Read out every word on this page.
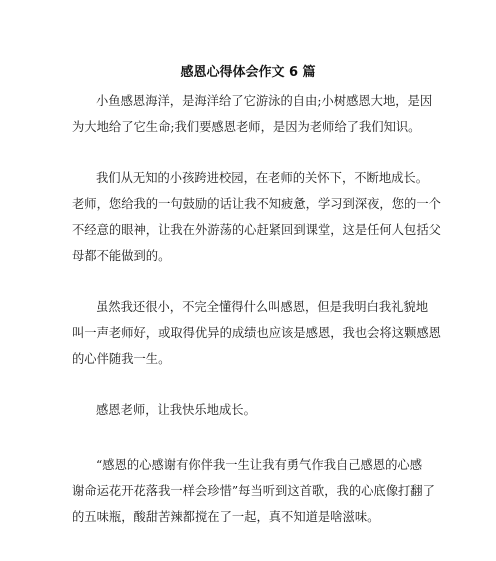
感恩心得体会作文 6 篇

小鱼感恩海洋，是海洋给了它游泳的自由;小树感恩大地，是因
为大地给了它生命;我们要感恩老师，是因为老师给了我们知识。

我们从无知的小孩跨进校园，在老师的关怀下，不断地成长。
老师，您给我的一句鼓励的话让我不知疲惫，学习到深夜，您的一个
不经意的眼神，让我在外游荡的心赶紧回到课堂，这是任何人包括父
母都不能做到的。

虽然我还很小，不完全懂得什么叫感恩，但是我明白我礼貌地
叫一声老师好，或取得优异的成绩也应该是感恩，我也会将这颗感恩
的心伴随我一生。

感恩老师，让我快乐地成长。

“感恩的心感谢有你伴我一生让我有勇气作我自己感恩的心感
谢命运花开花落我一样会珍惜”每当听到这首歌，我的心底像打翻了
的五味瓶，酸甜苦辣都搅在了一起，真不知道是啥滋味。
